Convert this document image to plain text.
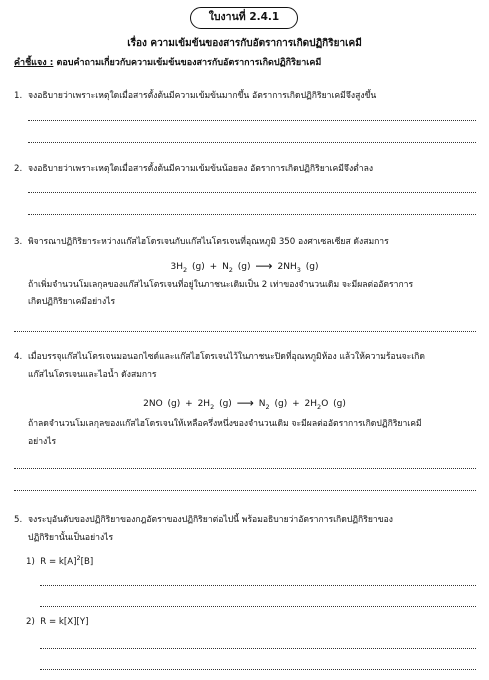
ใบงานที่ 2.4.1
เรื่อง ความเข้มข้นของสารกับอัตราการเกิดปฏิกิริยาเคมี
คำชี้แจง : ตอบคำถามเกี่ยวกับความเข้มข้นของสารกับอัตราการเกิดปฏิกิริยาเคมี
1. จงอธิบายว่าเพราะเหตุใดเมื่อสารตั้งต้นมีความเข้มข้นมากขึ้น อัตราการเกิดปฏิกิริยาเคมีจึงสูงขึ้น
2. จงอธิบายว่าเพราะเหตุใดเมื่อสารตั้งต้นมีความเข้มข้นน้อยลง อัตราการเกิดปฏิกิริยาเคมีจึงต่ำลง
3. พิจารณาปฏิกิริยาระหว่างแก๊สไฮโดรเจนกับแก๊สไนโตรเจนที่อุณหภูมิ 350 องศาเซลเซียส ดังสมการ
$3H_2$ $(g) + N_2$ (g) ⟶ $2NH_3$ (g)
ถ้าเพิ่มจำนวนโมเลกุลของแก๊สไนโตรเจนที่อยู่ในภาชนะเดิมเป็น 2 เท่าของจำนวนเดิม จะมีผลต่ออัตราการ
เกิดปฏิกิริยาเคมีอย่างไร
4. เมื่อบรรจุแก๊สไนโตรเจนมอนอกไซด์และแก๊สไฮโดรเจนไว้ในภาชนะปิดที่อุณหภูมิห้อง แล้วให้ความร้อนจะเกิด
แก๊สไนโตรเจนและไอน้ำ ดังสมการ
2NO $(g) + 2H_2$ (g) ⟶ $N_2$ $(g) + 2H_2O$ (g)
ถ้าลดจำนวนโมเลกุลของแก๊สไฮโดรเจนให้เหลือครึ่งหนึ่งของจำนวนเดิม จะมีผลต่ออัตราการเกิดปฏิกิริยาเคมี
อย่างไร
5. จงระบุอันดับของปฏิกิริยาของกฎอัตราของปฏิกิริยาต่อไปนี้ พร้อมอธิบายว่าอัตราการเกิดปฏิกิริยาของ
ปฏิกิริยานั้นเป็นอย่างไร
1) $R = k[A]^2[B]$
2) R = k[X][Y]
